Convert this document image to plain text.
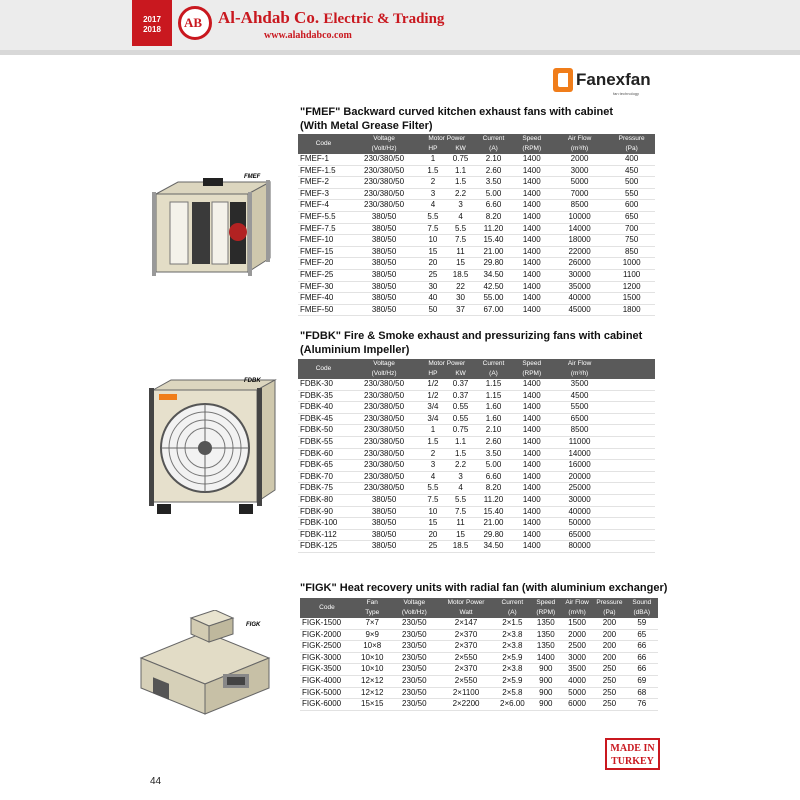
2017
2018
AB
Al-Ahdab Co. Electric & Trading
www.alahdabco.com
Fanexfan
fan technology
"FMEF" Backward curved kitchen exhaust fans with cabinet
(With Metal Grease Filter)
FMEF
Code	Voltage	Motor Power		Current	Speed	Air Flow	Pressure
	(Volt/Hz)	HP	KW	(A)	(RPM)	(m³/h)	(Pa)
FMEF-1	230/380/50	1	0.75	2.10	1400	2000	400
FMEF-1.5	230/380/50	1.5	1.1	2.60	1400	3000	450
FMEF-2	230/380/50	2	1.5	3.50	1400	5000	500
FMEF-3	230/380/50	3	2.2	5.00	1400	7000	550
FMEF-4	230/380/50	4	3	6.60	1400	8500	600
FMEF-5.5	380/50	5.5	4	8.20	1400	10000	650
FMEF-7.5	380/50	7.5	5.5	11.20	1400	14000	700
FMEF-10	380/50	10	7.5	15.40	1400	18000	750
FMEF-15	380/50	15	11	21.00	1400	22000	850
FMEF-20	380/50	20	15	29.80	1400	26000	1000
FMEF-25	380/50	25	18.5	34.50	1400	30000	1100
FMEF-30	380/50	30	22	42.50	1400	35000	1200
FMEF-40	380/50	40	30	55.00	1400	40000	1500
FMEF-50	380/50	50	37	67.00	1400	45000	1800
"FDBK" Fire & Smoke exhaust and pressurizing fans with cabinet
(Aluminium Impeller)
FDBK
Code	Voltage	Motor Power		Current	Speed	Air Flow	
	(Volt/Hz)	HP	KW	(A)	(RPM)	(m³/h)	
FDBK-30	230/380/50	1/2	0.37	1.15	1400	3500	
FDBK-35	230/380/50	1/2	0.37	1.15	1400	4500	
FDBK-40	230/380/50	3/4	0.55	1.60	1400	5500	
FDBK-45	230/380/50	3/4	0.55	1.60	1400	6500	
FDBK-50	230/380/50	1	0.75	2.10	1400	8500	
FDBK-55	230/380/50	1.5	1.1	2.60	1400	11000	
FDBK-60	230/380/50	2	1.5	3.50	1400	14000	
FDBK-65	230/380/50	3	2.2	5.00	1400	16000	
FDBK-70	230/380/50	4	3	6.60	1400	20000	
FDBK-75	230/380/50	5.5	4	8.20	1400	25000	
FDBK-80	380/50	7.5	5.5	11.20	1400	30000	
FDBK-90	380/50	10	7.5	15.40	1400	40000	
FDBK-100	380/50	15	11	21.00	1400	50000	
FDBK-112	380/50	20	15	29.80	1400	65000	
FDBK-125	380/50	25	18.5	34.50	1400	80000	
"FIGK" Heat recovery units with radial fan (with aluminium exchanger)
FIGK
Code	Fan	Voltage	Motor Power	Current	Speed	Air Flow	Pressure	Sound
	Type	(Volt/Hz)	Watt	(A)	(RPM)	(m³/h)	(Pa)	(dBA)
FIGK-1500	7×7	230/50	2×147	2×1.5	1350	1500	200	59
FIGK-2000	9×9	230/50	2×370	2×3.8	1350	2000	200	65
FIGK-2500	10×8	230/50	2×370	2×3.8	1350	2500	200	66
FIGK-3000	10×10	230/50	2×550	2×5.9	1400	3000	200	66
FIGK-3500	10×10	230/50	2×370	2×3.8	900	3500	250	66
FIGK-4000	12×12	230/50	2×550	2×5.9	900	4000	250	69
FIGK-5000	12×12	230/50	2×1100	2×5.8	900	5000	250	68
FIGK-6000	15×15	230/50	2×2200	2×6.00	900	6000	250	76
44
MADE IN
TURKEY
